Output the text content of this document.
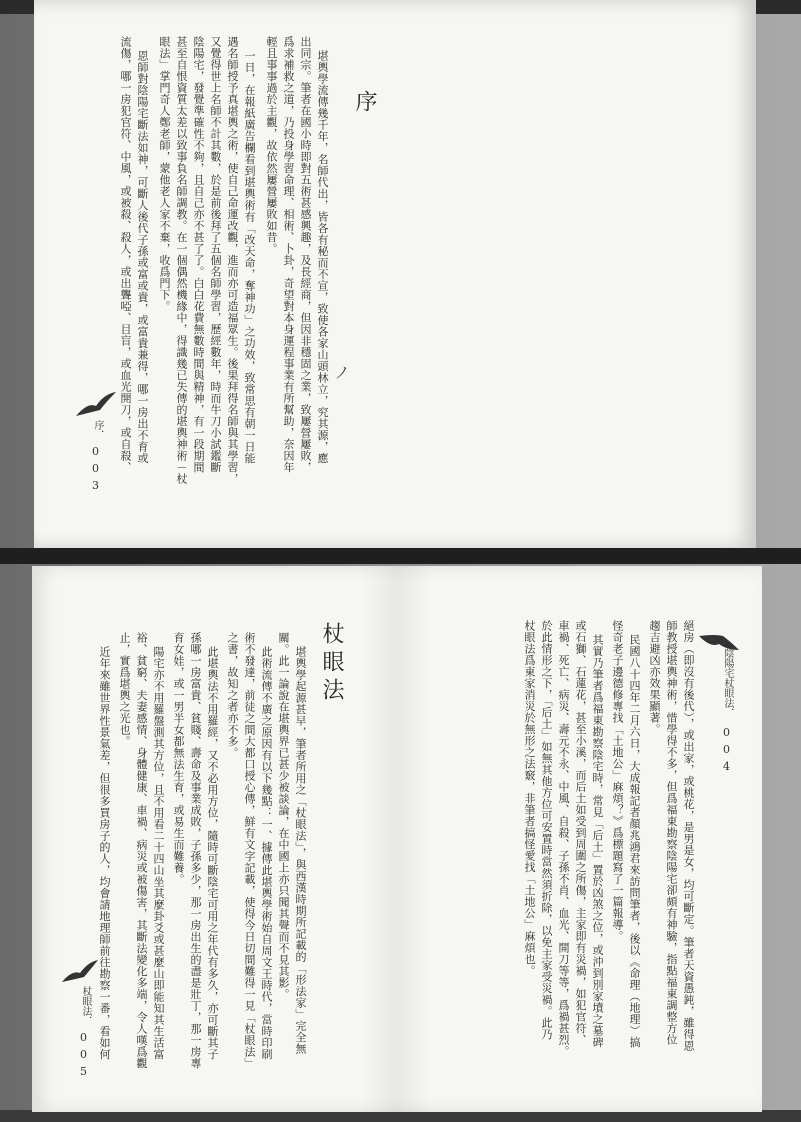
序
堪輿學流傳幾千年，名師代出，皆各有秘而不宣，致使各家山頭林立，究其源，應
出同宗。筆者在國小時即對五術甚感興趣，及長經商，但因非穩固之業，致屢營屢敗，
爲求補救之道，乃投身學習命理、相術、卜卦，奇望對本身運程事業有所幫助，奈因年
輕且事事過於主觀，故依然屢營屢敗如昔。
一日，在報紙廣告欄看到堪輿術有「改天命，奪神功」之功效，致常思有朝一日能
遇名師授予真堪輿之術，使自己命運改觀，進而亦可造福眾生。後果拜得名師與其學習，
又覺得世上名師不計其數，於是前後拜了五個名師學習，歷經數年，時而牛刀小試鑑斷
陰陽宅，發覺準確性不夠，且自己亦不甚了了。白白花費無數時間與精神，有一段期間
甚至自恨資質太差以致事負名師調教。在一個偶然機緣中，得識幾已失傳的堪輿神術－杖
眼法」掌門奇人鄭老師，蒙他老人家不棄，收爲門下。
恩師對陰陽宅斷法如神，可斷人後代子孫或富或貴，或富貴兼得，哪一房出不育或
流傷，哪一房犯官符、中風，或被殺、殺人，或出聾啞、目盲，或血光開刀，或自殺、	ノ
序．
003
陰陽宅杖眼法．
004
絕房（即沒有後代），或出家，或桃花，是男是女，均可斷定。筆者天資愚鈍，雖得恩
師教授堪輿神術，惜學得不多，但爲福東勘察陰陽宅卻頗有神驗，指點福東調整方位
趨吉避凶亦效果顯著。
民國八十四年二月六日，大成報記者顏兆鴻君來訪問筆者，後以《命理（地理）搞
怪奇老子邊德修專找「土地公」麻煩？》爲標題寫了一篇報導。
其實乃筆者爲福東勘察陰宅時，常見「后土」置於凶煞之位，或沖到別家墳之墓碑
或石獅、石蓮花，甚至小溪，而后土如受到周圍之所傷，主家即有災禍，如犯官符、
車禍、死亡、病災、壽元不永、中風、自殺、子孫不肖、血光、開刀等等，爲禍甚烈。
於此情形之下，「后土」如無其他方位可安置時當然須折除，以免主家受災禍。此乃
杖眼法爲東家消災於無形之法竅，非筆者搞怪愛找「土地公」麻煩也。
杖眼法
堪輿學起源甚早，筆者所用之「杖眼法」，與西漢時期所記載的「形法家」完全無
關。此一論說在堪輿界已甚少被談論，在中國上亦只聞其聲而不見其影。
此術流傳不廣之原因有以下幾點：一、據傳此堪輿學術始自周文王時代，當時印刷
術不發達，前徒之間大都口授心傳，鮮有文字記載，使得今日切間難得一見「杖眼法」
之書，故知之者亦不多。
此堪輿法不用羅經，又不必用方位，隨時可斷陰宅可用之年代有多久，亦可斷其子
孫哪一房富貴、貧賤、壽命及事業成敗，子孫多少，那一房出生的盡是壯丁，那一房專
育女娃，或一男半女都無法生育，或易生而難養。
陽宅亦不用羅盤測其方位，且不用看二十四山坐其麼卦爻或甚麼山即能知其生活富
裕、貧窮、夫妻感情、身體健康、車禍、病災或被傷害，其斷法變化多端，令人嘆爲觀
止，實爲堪輿之光也。
近年來雖世界性景氣差，但很多買房子的人，均會請地理師前往勘察一番，看如何
杖眼法．
005
